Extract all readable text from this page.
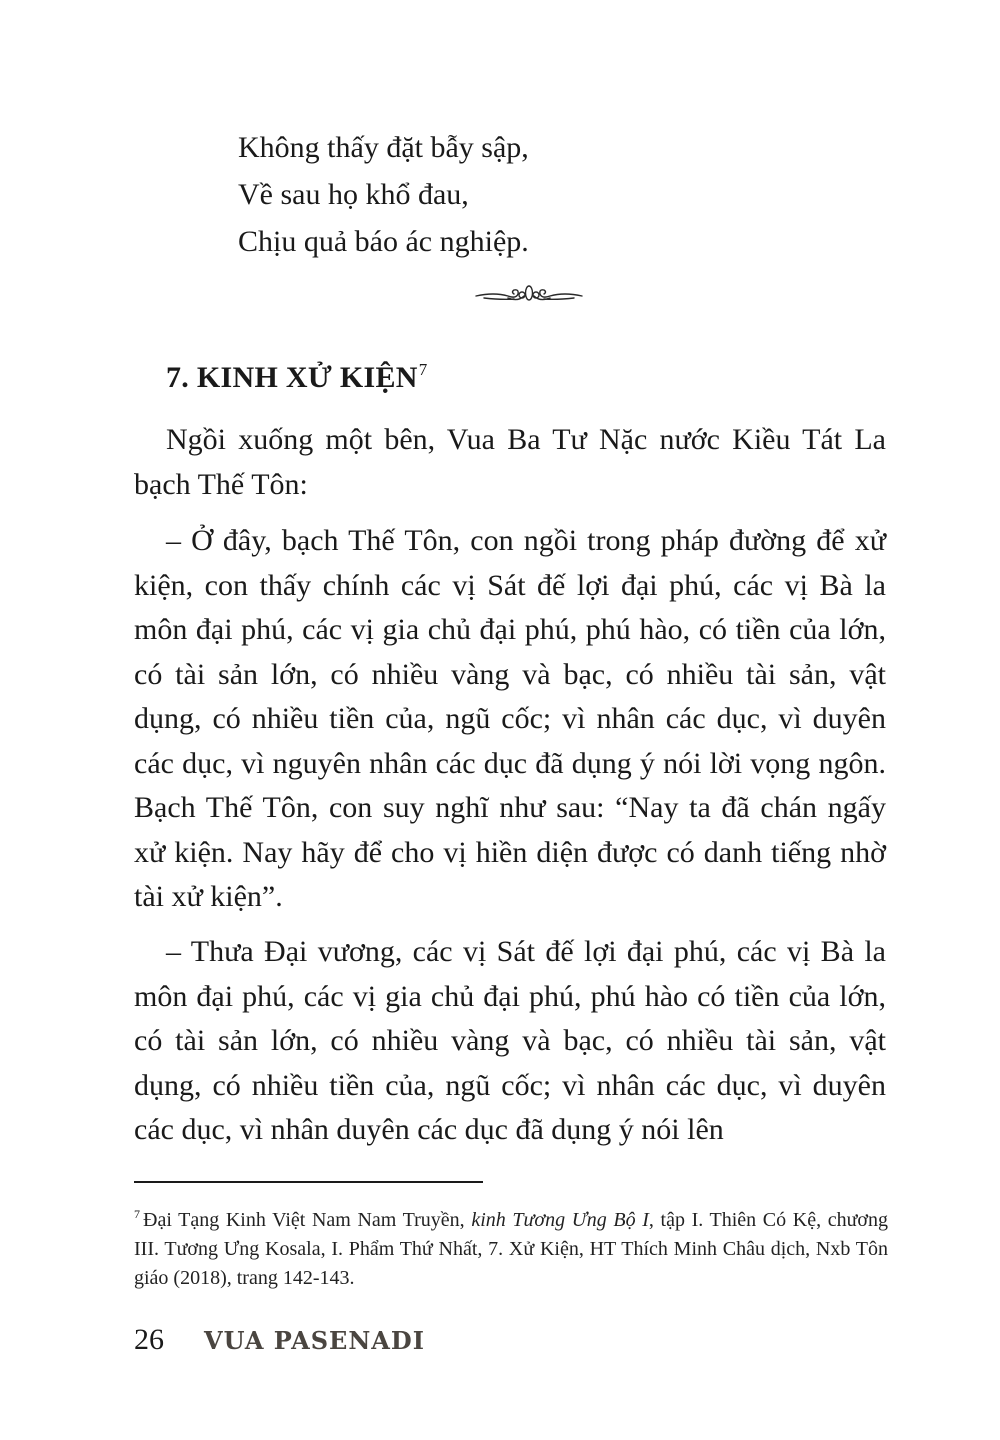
Không thấy đặt bẫy sập,
Về sau họ khổ đau,
Chịu quả báo ác nghiệp.
7. KINH XỬ KIỆN$^7$

Ngồi xuống một bên, Vua Ba Tư Nặc nước Kiều Tát La bạch Thế Tôn:

– Ở đây, bạch Thế Tôn, con ngồi trong pháp đường để xử kiện, con thấy chính các vị Sát đế lợi đại phú, các vị Bà la môn đại phú, các vị gia chủ đại phú, phú hào, có tiền của lớn, có tài sản lớn, có nhiều vàng và bạc, có nhiều tài sản, vật dụng, có nhiều tiền của, ngũ cốc; vì nhân các dục, vì duyên các dục, vì nguyên nhân các dục đã dụng ý nói lời vọng ngôn. Bạch Thế Tôn, con suy nghĩ như sau: “Nay ta đã chán ngấy xử kiện. Nay hãy để cho vị hiền diện được có danh tiếng nhờ tài xử kiện”.

– Thưa Đại vương, các vị Sát đế lợi đại phú, các vị Bà la môn đại phú, các vị gia chủ đại phú, phú hào có tiền của lớn, có tài sản lớn, có nhiều vàng và bạc, có nhiều tài sản, vật dụng, có nhiều tiền của, ngũ cốc; vì nhân các dục, vì duyên các dục, vì nhân duyên các dục đã dụng ý nói lên

$^7$ Đại Tạng Kinh Việt Nam Nam Truyền, kinh Tương Ưng Bộ I, tập I. Thiên Có Kệ, chương III. Tương Ưng Kosala, I. Phẩm Thứ Nhất, 7. Xử Kiện, HT Thích Minh Châu dịch, Nxb Tôn giáo (2018), trang 142-143.
26 VUA PASENADI
